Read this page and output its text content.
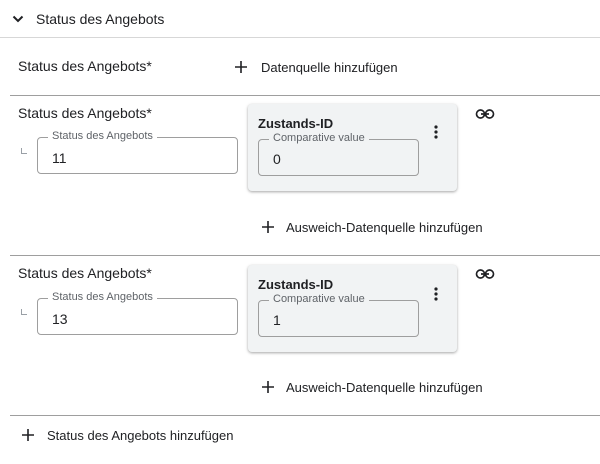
Status des Angebots
Status des Angebots*	Datenquelle hinzufügen
Status des Angebots*
Status des Angebots
11
Zustands-ID
Comparative value
0
Ausweich-Datenquelle hinzufügen
Status des Angebots*
Status des Angebots
13
Zustands-ID
Comparative value
1
Ausweich-Datenquelle hinzufügen
Status des Angebots hinzufügen
